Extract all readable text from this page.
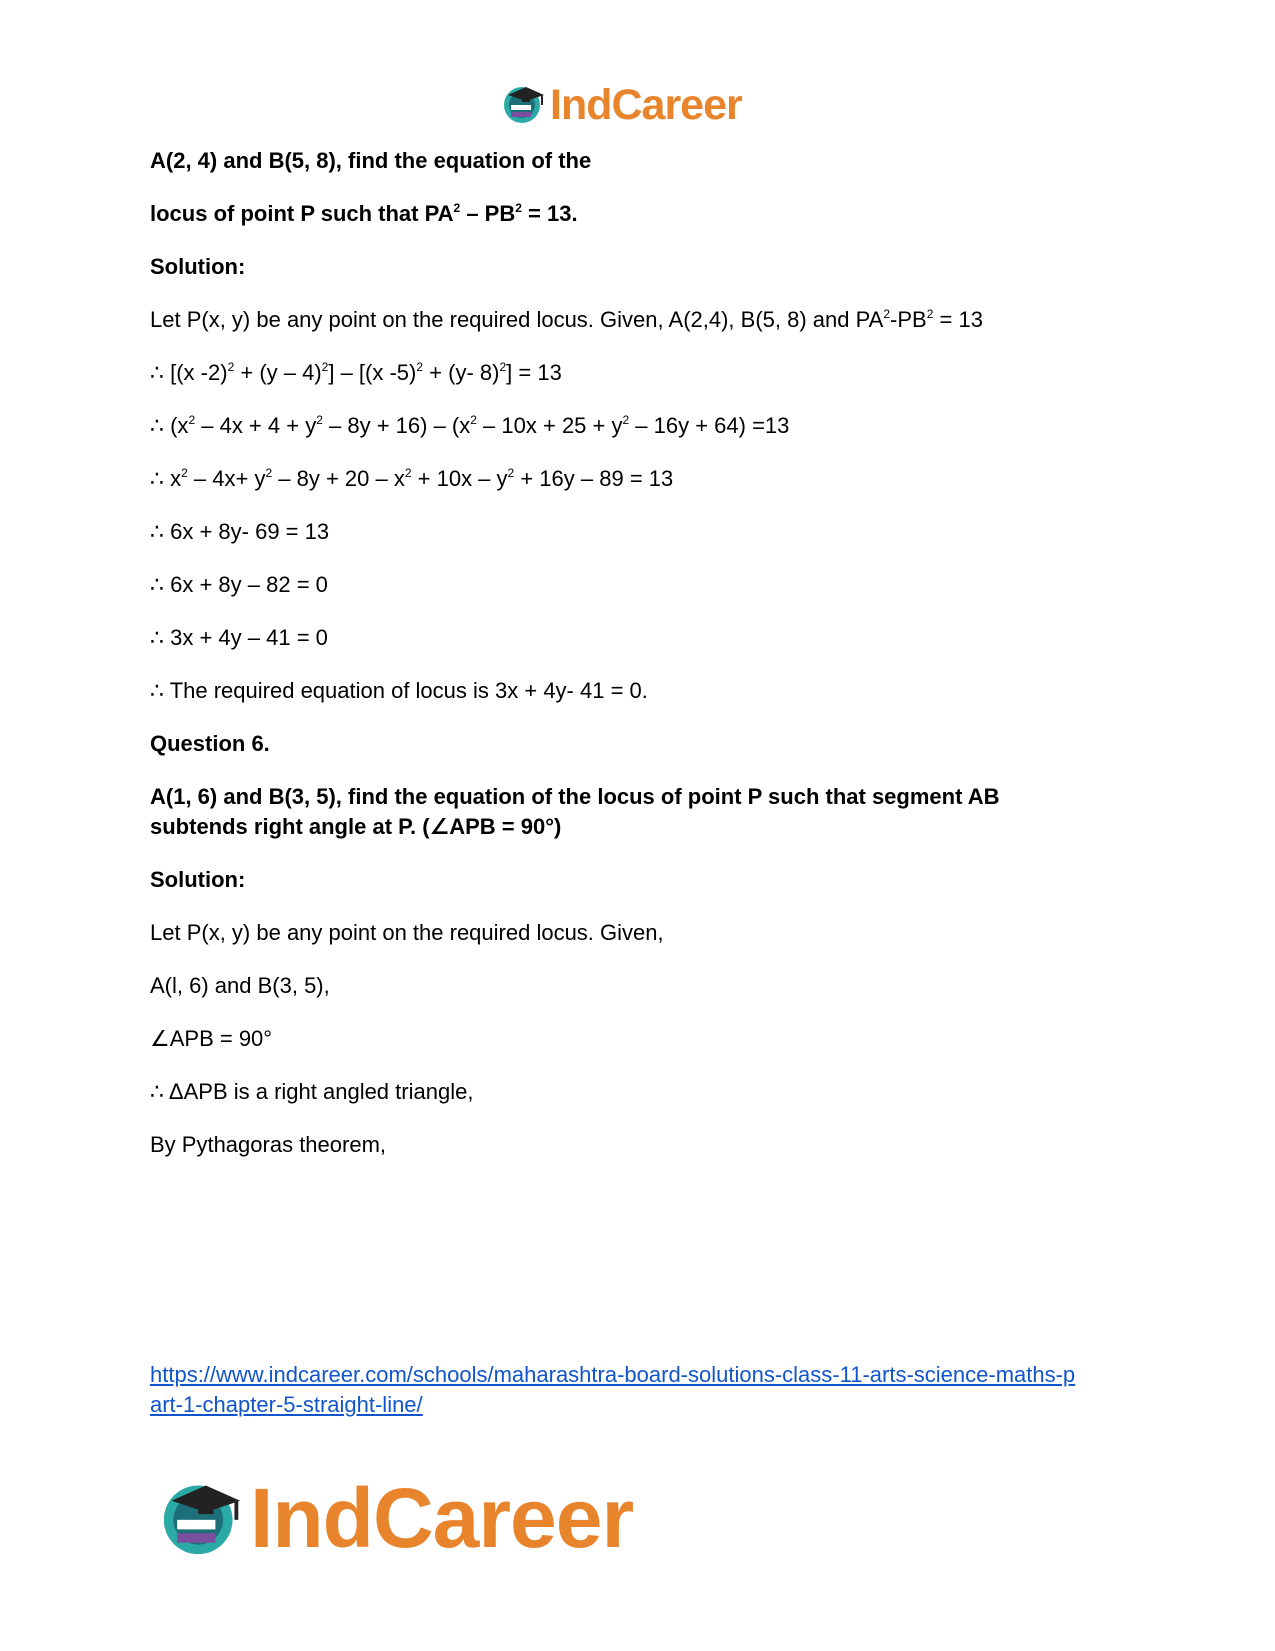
IndCareer
A(2, 4) and B(5, 8), find the equation of the
locus of point P such that $PA^2 - PB^2 = 13$.
Solution:
Let P(x, y) be any point on the required locus. Given, A(2,4), B(5, 8) and $PA^2-PB^2 = 13$
∴ [(x -2)$^2$ + (y – 4)$^2$] – [(x -5)$^2$ + (y- 8)$^2$] = 13
∴ $(x^2 - 4x + 4 + y^2 - 8y + 16) - (x^2 - 10x + 25 + y^2 - 16y + 64) =13$
∴ $x^2 - 4x+ y^2 - 8y + 20 - x^2 + 10x - y^2 + 16y - 89 = 13$
∴ 6x + 8y- 69 = 13
∴ 6x + 8y – 82 = 0
∴ 3x + 4y – 41 = 0
∴ The required equation of locus is 3x + 4y- 41 = 0.
Question 6.
A(1, 6) and B(3, 5), find the equation of the locus of point P such that segment AB
subtends right angle at P. (∠APB = 90°)
Solution:
Let P(x, y) be any point on the required locus. Given,
A(l, 6) and B(3, 5),
∠APB = 90°
∴ ΔAPB is a right angled triangle,
By Pythagoras theorem,
https://www.indcareer.com/schools/maharashtra-board-solutions-class-11-arts-science-maths-p
art-1-chapter-5-straight-line/
IndCareer
